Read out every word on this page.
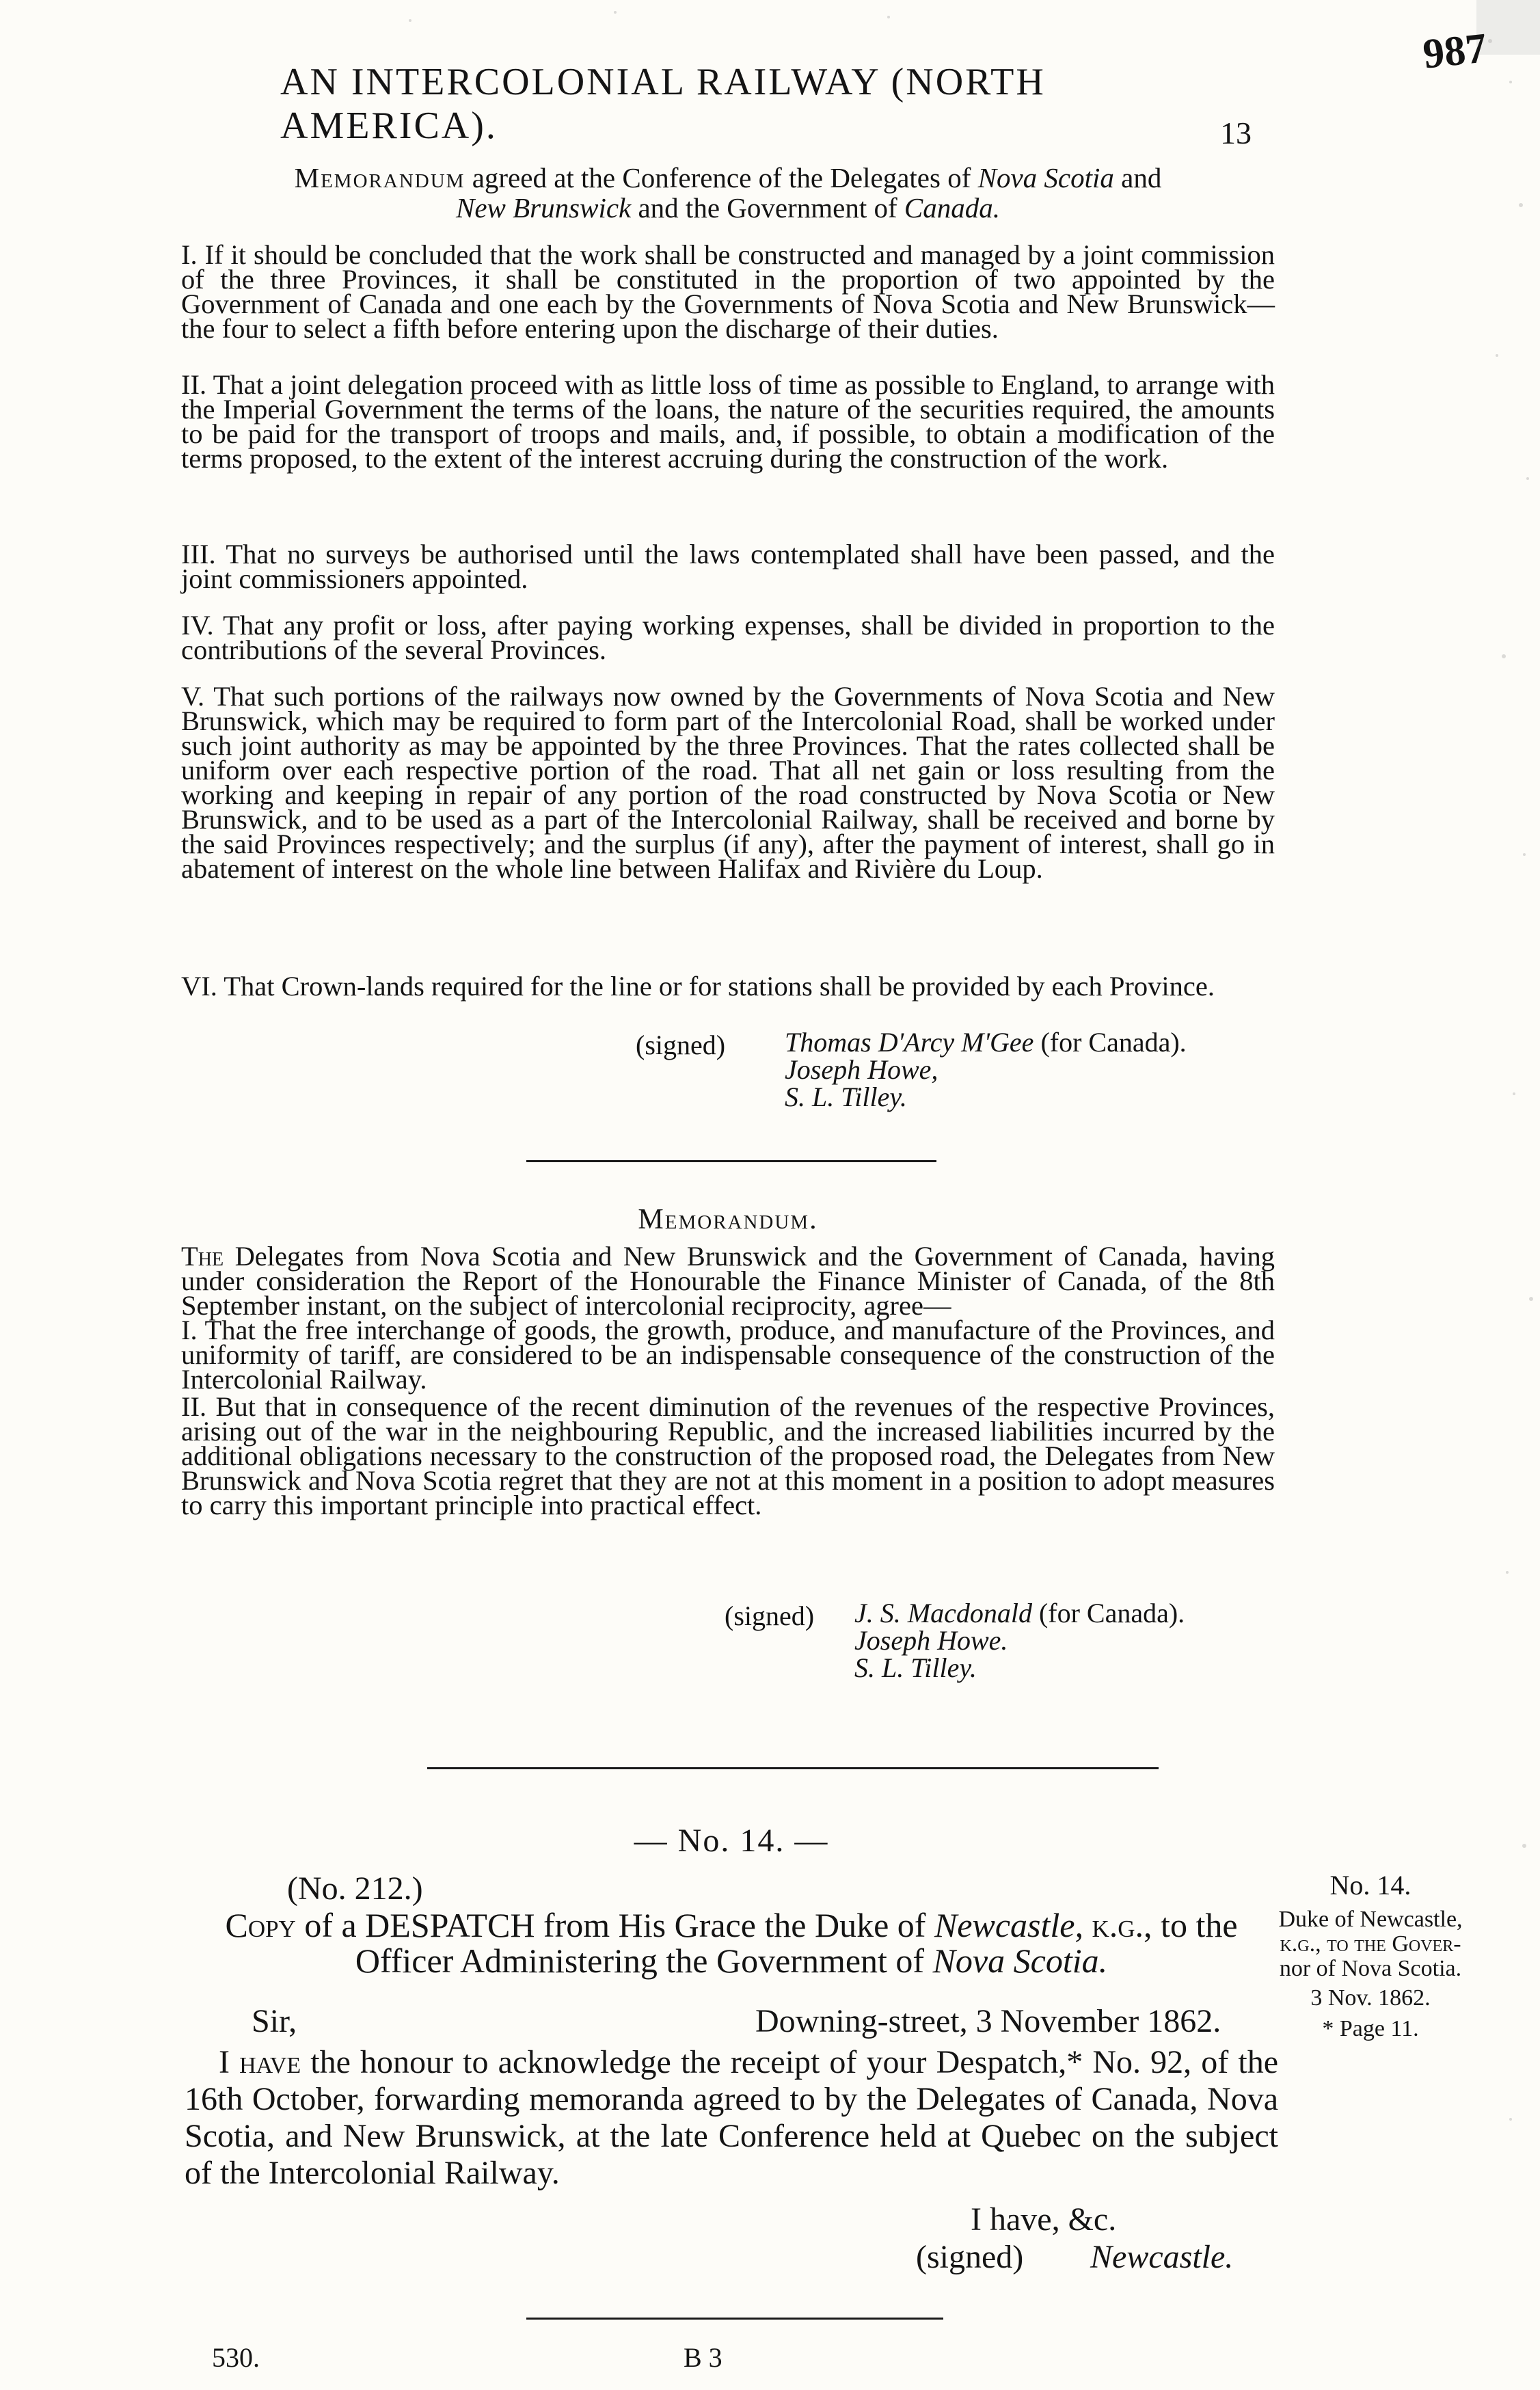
AN INTERCOLONIAL RAILWAY (NORTH AMERICA).	13
987
Memorandum agreed at the Conference of the Delegates of Nova Scotia and
New Brunswick and the Government of Canada.

I. If it should be concluded that the work shall be constructed and managed by a joint commission of the three Provinces, it shall be constituted in the proportion of two appointed by the Government of Canada and one each by the Governments of Nova Scotia and New Brunswick—the four to select a fifth before entering upon the discharge of their duties.

II. That a joint delegation proceed with as little loss of time as possible to England, to arrange with the Imperial Government the terms of the loans, the nature of the securities required, the amounts to be paid for the transport of troops and mails, and, if possible, to obtain a modification of the terms proposed, to the extent of the interest accruing during the construction of the work.

III. That no surveys be authorised until the laws contemplated shall have been passed, and the joint commissioners appointed.

IV. That any profit or loss, after paying working expenses, shall be divided in proportion to the contributions of the several Provinces.

V. That such portions of the railways now owned by the Governments of Nova Scotia and New Brunswick, which may be required to form part of the Intercolonial Road, shall be worked under such joint authority as may be appointed by the three Provinces. That the rates collected shall be uniform over each respective portion of the road. That all net gain or loss resulting from the working and keeping in repair of any portion of the road constructed by Nova Scotia or New Brunswick, and to be used as a part of the Intercolonial Railway, shall be received and borne by the said Provinces respectively; and the surplus (if any), after the payment of interest, shall go in abatement of interest on the whole line between Halifax and Rivière du Loup.

VI. That Crown-lands required for the line or for stations shall be provided by each Province.

(signed) Thomas D'Arcy M'Gee (for Canada).
Joseph Howe,
S. L. Tilley.
Memorandum.

The Delegates from Nova Scotia and New Brunswick and the Government of Canada, having under consideration the Report of the Honourable the Finance Minister of Canada, of the 8th September instant, on the subject of intercolonial reciprocity, agree—

I. That the free interchange of goods, the growth, produce, and manufacture of the Provinces, and uniformity of tariff, are considered to be an indispensable consequence of the construction of the Intercolonial Railway.

II. But that in consequence of the recent diminution of the revenues of the respective Provinces, arising out of the war in the neighbouring Republic, and the increased liabilities incurred by the additional obligations necessary to the construction of the proposed road, the Delegates from New Brunswick and Nova Scotia regret that they are not at this moment in a position to adopt measures to carry this important principle into practical effect.

(signed) J. S. Macdonald (for Canada).
Joseph Howe.
S. L. Tilley.
— No. 14. —
(No. 212.)
Copy of a DESPATCH from His Grace the Duke of Newcastle, k.g., to the
Officer Administering the Government of Nova Scotia.
Sir,	Downing-street, 3 November 1862.

I have the honour to acknowledge the receipt of your Despatch,* No. 92, of the 16th October, forwarding memoranda agreed to by the Delegates of Canada, Nova Scotia, and New Brunswick, at the late Conference held at Quebec on the subject of the Intercolonial Railway.

I have, &c.
(signed) Newcastle.
No. 14.
Duke of Newcastle,
k.g., to the Gover-
nor of Nova Scotia.
3 Nov. 1862.
* Page 11.
530.	B 3
